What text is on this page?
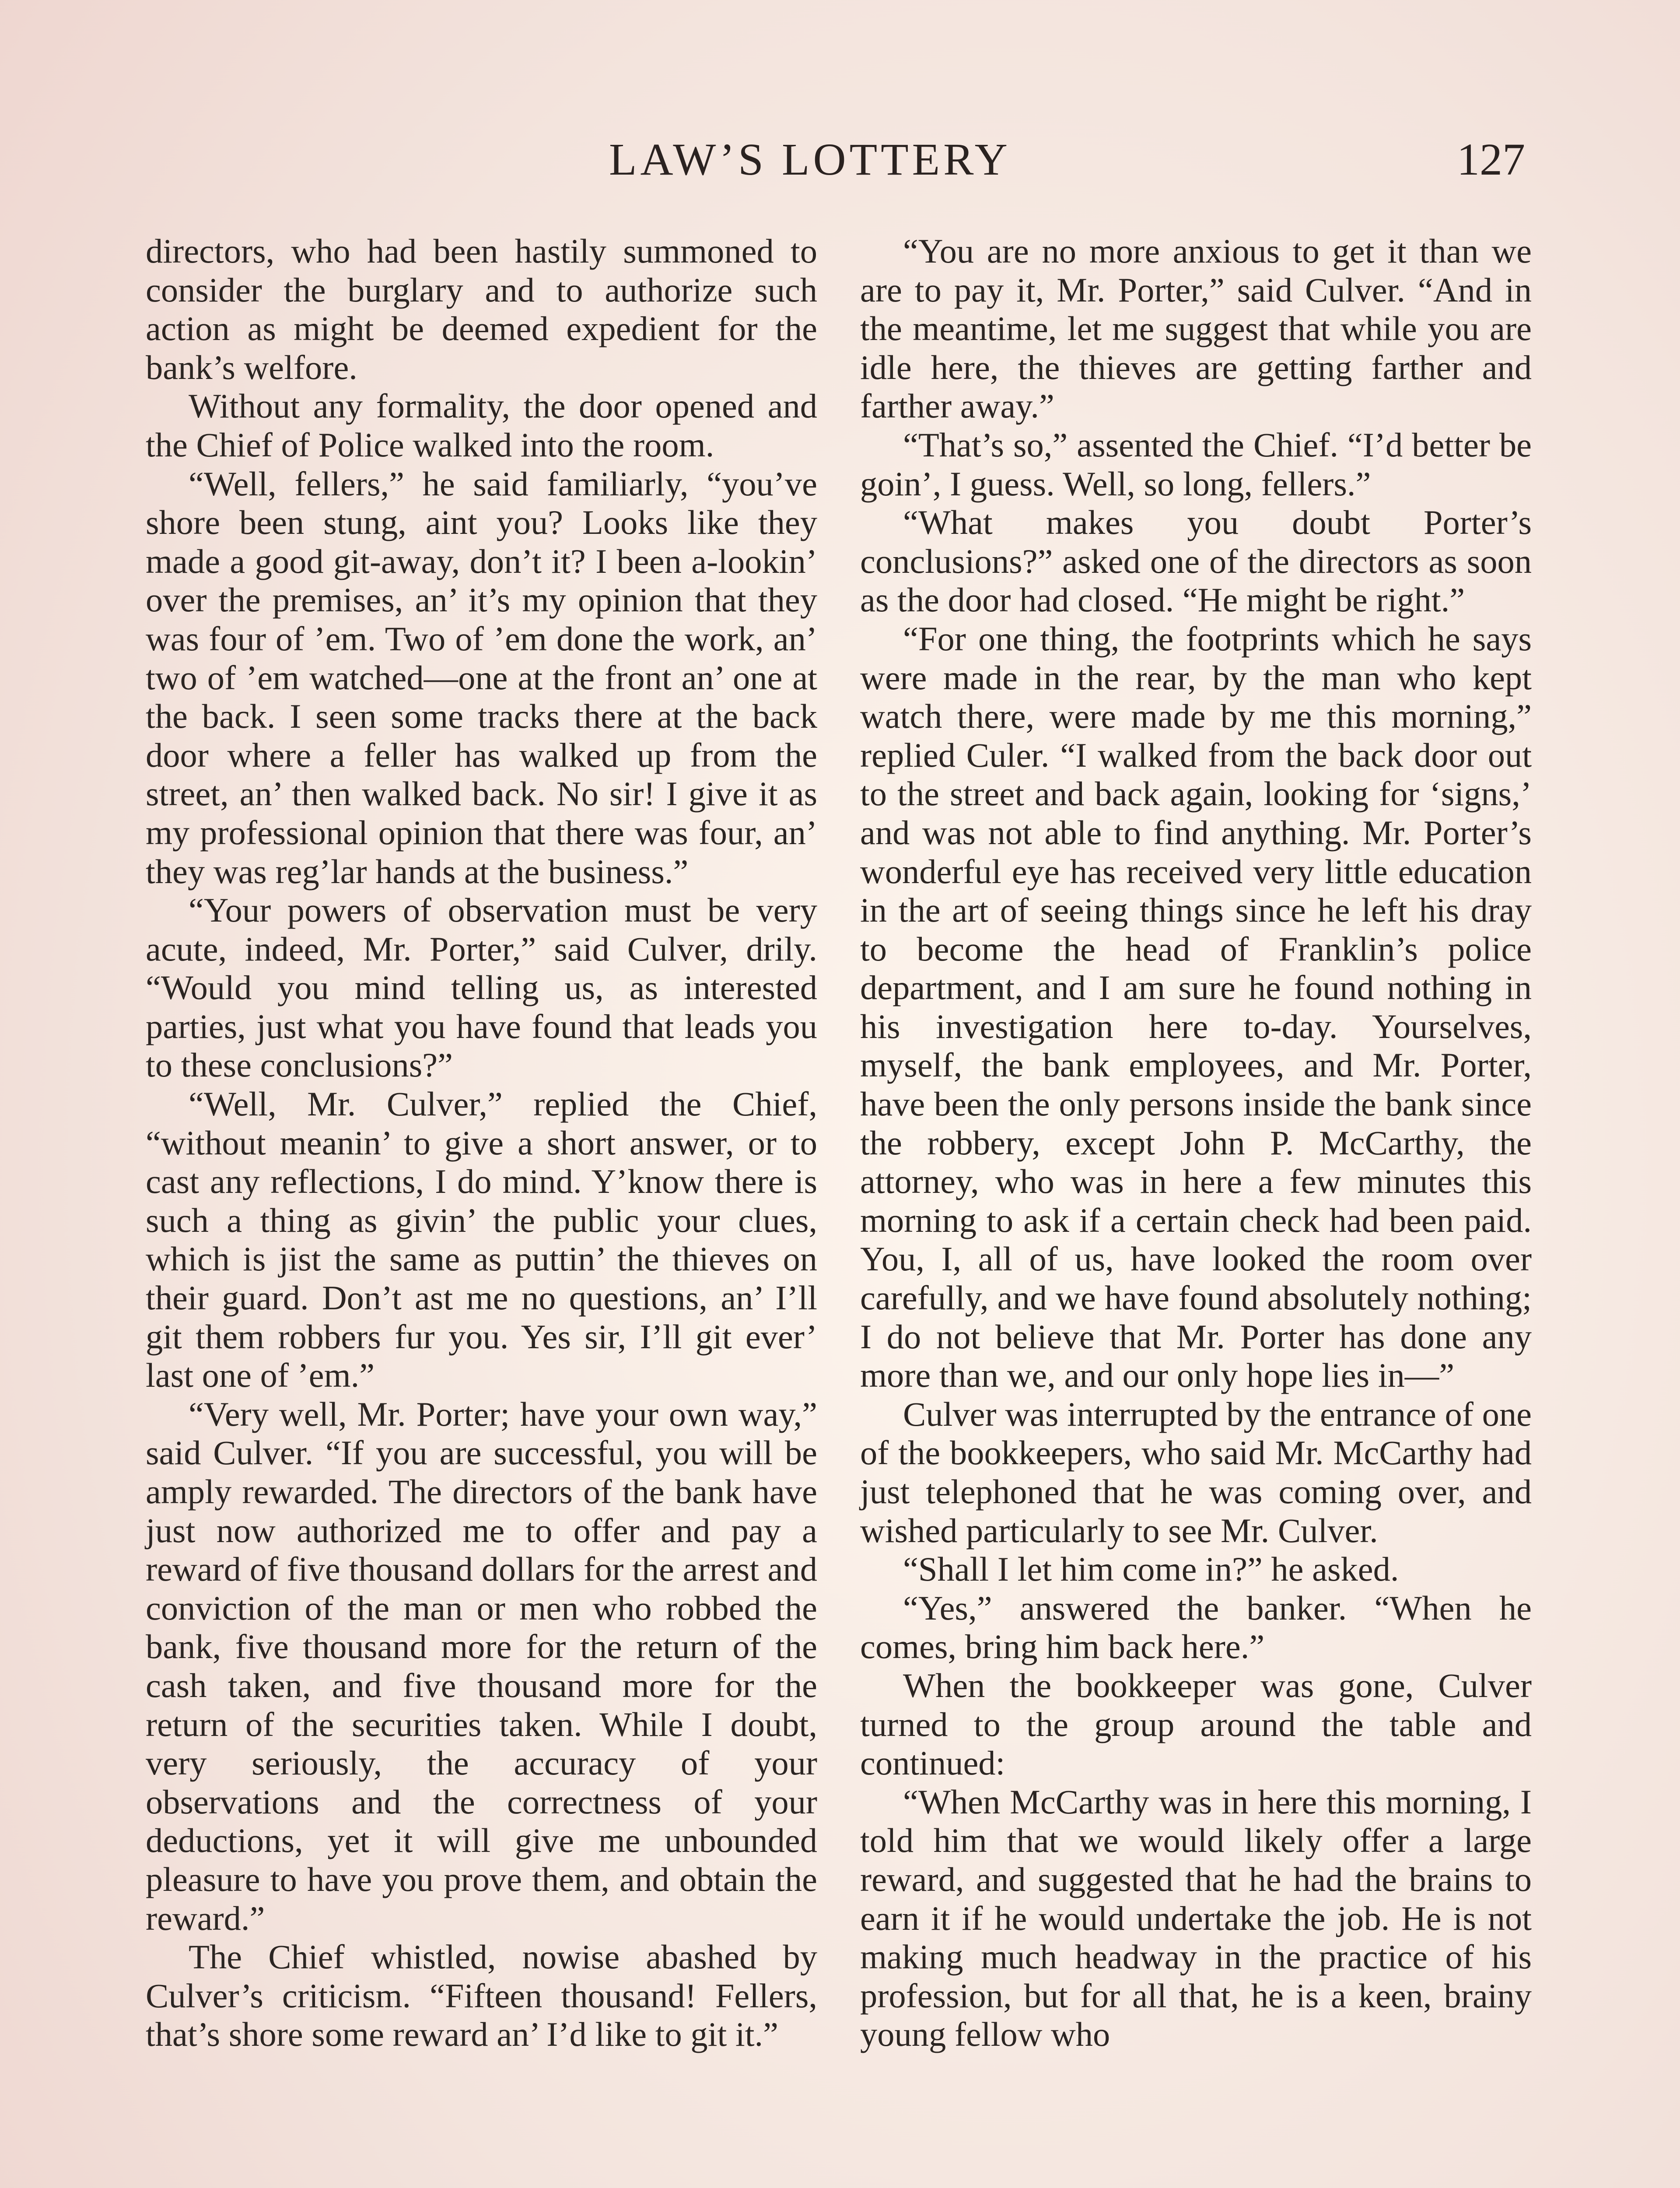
LAW’S LOTTERY	127

directors, who had been hastily summoned to consider the burglary and to authorize such action as might be deemed expedient for the bank’s welfore.

Without any formality, the door opened and the Chief of Police walked into the room.

“Well, fellers,” he said familiarly, “you’ve shore been stung, aint you? Looks like they made a good git-away, don’t it? I been a-lookin’ over the premises, an’ it’s my opinion that they was four of ’em. Two of ’em done the work, an’ two of ’em watched—one at the front an’ one at the back. I seen some tracks there at the back door where a feller has walked up from the street, an’ then walked back. No sir! I give it as my professional opinion that there was four, an’ they was reg’lar hands at the business.”

“Your powers of observation must be very acute, indeed, Mr. Porter,” said Culver, drily. “Would you mind telling us, as interested parties, just what you have found that leads you to these conclusions?”

“Well, Mr. Culver,” replied the Chief, “without meanin’ to give a short answer, or to cast any reflections, I do mind. Y’know there is such a thing as givin’ the public your clues, which is jist the same as puttin’ the thieves on their guard. Don’t ast me no questions, an’ I’ll git them robbers fur you. Yes sir, I’ll git ever’ last one of ’em.”

“Very well, Mr. Porter; have your own way,” said Culver. “If you are successful, you will be amply rewarded. The directors of the bank have just now authorized me to offer and pay a reward of five thousand dollars for the arrest and conviction of the man or men who robbed the bank, five thousand more for the return of the cash taken, and five thousand more for the return of the securities taken. While I doubt, very seriously, the accuracy of your observations and the correctness of your deductions, yet it will give me unbounded pleasure to have you prove them, and obtain the reward.”

The Chief whistled, nowise abashed by Culver’s criticism. “Fifteen thousand! Fellers, that’s shore some reward an’ I’d like to git it.”

“You are no more anxious to get it than we are to pay it, Mr. Porter,” said Culver. “And in the meantime, let me suggest that while you are idle here, the thieves are getting farther and farther away.”

“That’s so,” assented the Chief. “I’d better be goin’, I guess. Well, so long, fellers.”

“What makes you doubt Porter’s conclusions?” asked one of the directors as soon as the door had closed. “He might be right.”

“For one thing, the footprints which he says were made in the rear, by the man who kept watch there, were made by me this morning,” replied Culer. “I walked from the back door out to the street and back again, looking for ‘signs,’ and was not able to find anything. Mr. Porter’s wonderful eye has received very little education in the art of seeing things since he left his dray to become the head of Franklin’s police department, and I am sure he found nothing in his investigation here to-day. Yourselves, myself, the bank employees, and Mr. Porter, have been the only persons inside the bank since the robbery, except John P. McCarthy, the attorney, who was in here a few minutes this morning to ask if a certain check had been paid. You, I, all of us, have looked the room over carefully, and we have found absolutely nothing; I do not believe that Mr. Porter has done any more than we, and our only hope lies in—”

Culver was interrupted by the entrance of one of the bookkeepers, who said Mr. McCarthy had just telephoned that he was coming over, and wished particularly to see Mr. Culver.

“Shall I let him come in?” he asked.

“Yes,” answered the banker. “When he comes, bring him back here.”

When the bookkeeper was gone, Culver turned to the group around the table and continued:

“When McCarthy was in here this morning, I told him that we would likely offer a large reward, and suggested that he had the brains to earn it if he would undertake the job. He is not making much headway in the practice of his profession, but for all that, he is a keen, brainy young fellow who
